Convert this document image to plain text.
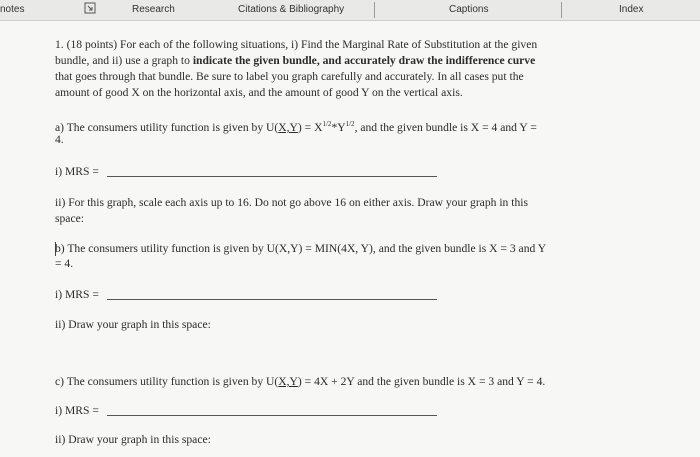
notes	Research	Citations & Bibliography	Captions	Index
1. (18 points) For each of the following situations, i) Find the Marginal Rate of Substitution at the given
bundle, and ii) use a graph to indicate the given bundle, and accurately draw the indifference curve
that goes through that bundle. Be sure to label you graph carefully and accurately. In all cases put the
amount of good X on the horizontal axis, and the amount of good Y on the vertical axis.
a) The consumers utility function is given by $U(X,Y) = X^{1/2}*Y^{1/2}$, and the given bundle is X = 4 and Y =
4.
i) MRS =
ii) For this graph, scale each axis up to 16. Do not go above 16 on either axis. Draw your graph in this
space:
b) The consumers utility function is given by U(X,Y) = MIN(4X, Y), and the given bundle is X = 3 and Y
= 4.
i) MRS =
ii) Draw your graph in this space:
c) The consumers utility function is given by U(X,Y) = 4X + 2Y and the given bundle is X = 3 and Y = 4.
i) MRS =
ii) Draw your graph in this space:
